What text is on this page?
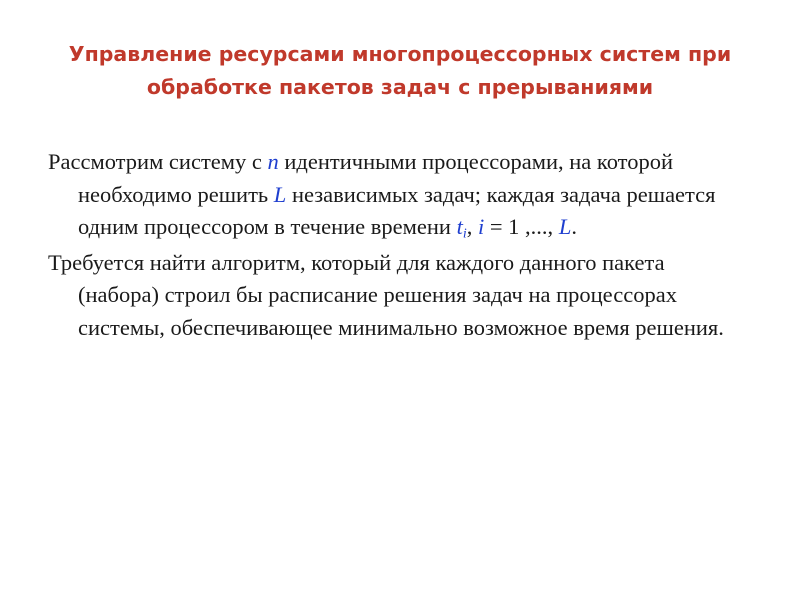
Управление ресурсами многопроцессорных систем при
обработке пакетов задач с прерываниями

Рассмотрим систему с n идентичными процессорами, на которой необходимо решить L независимых задач; каждая задача решается одним процессором в течение времени $t_i$, i = 1 ,..., L.

Требуется найти алгоритм, который для каждого данного пакета (набора) строил бы расписание решения задач на процессорах системы, обеспечивающее минимально возможное время решения.
